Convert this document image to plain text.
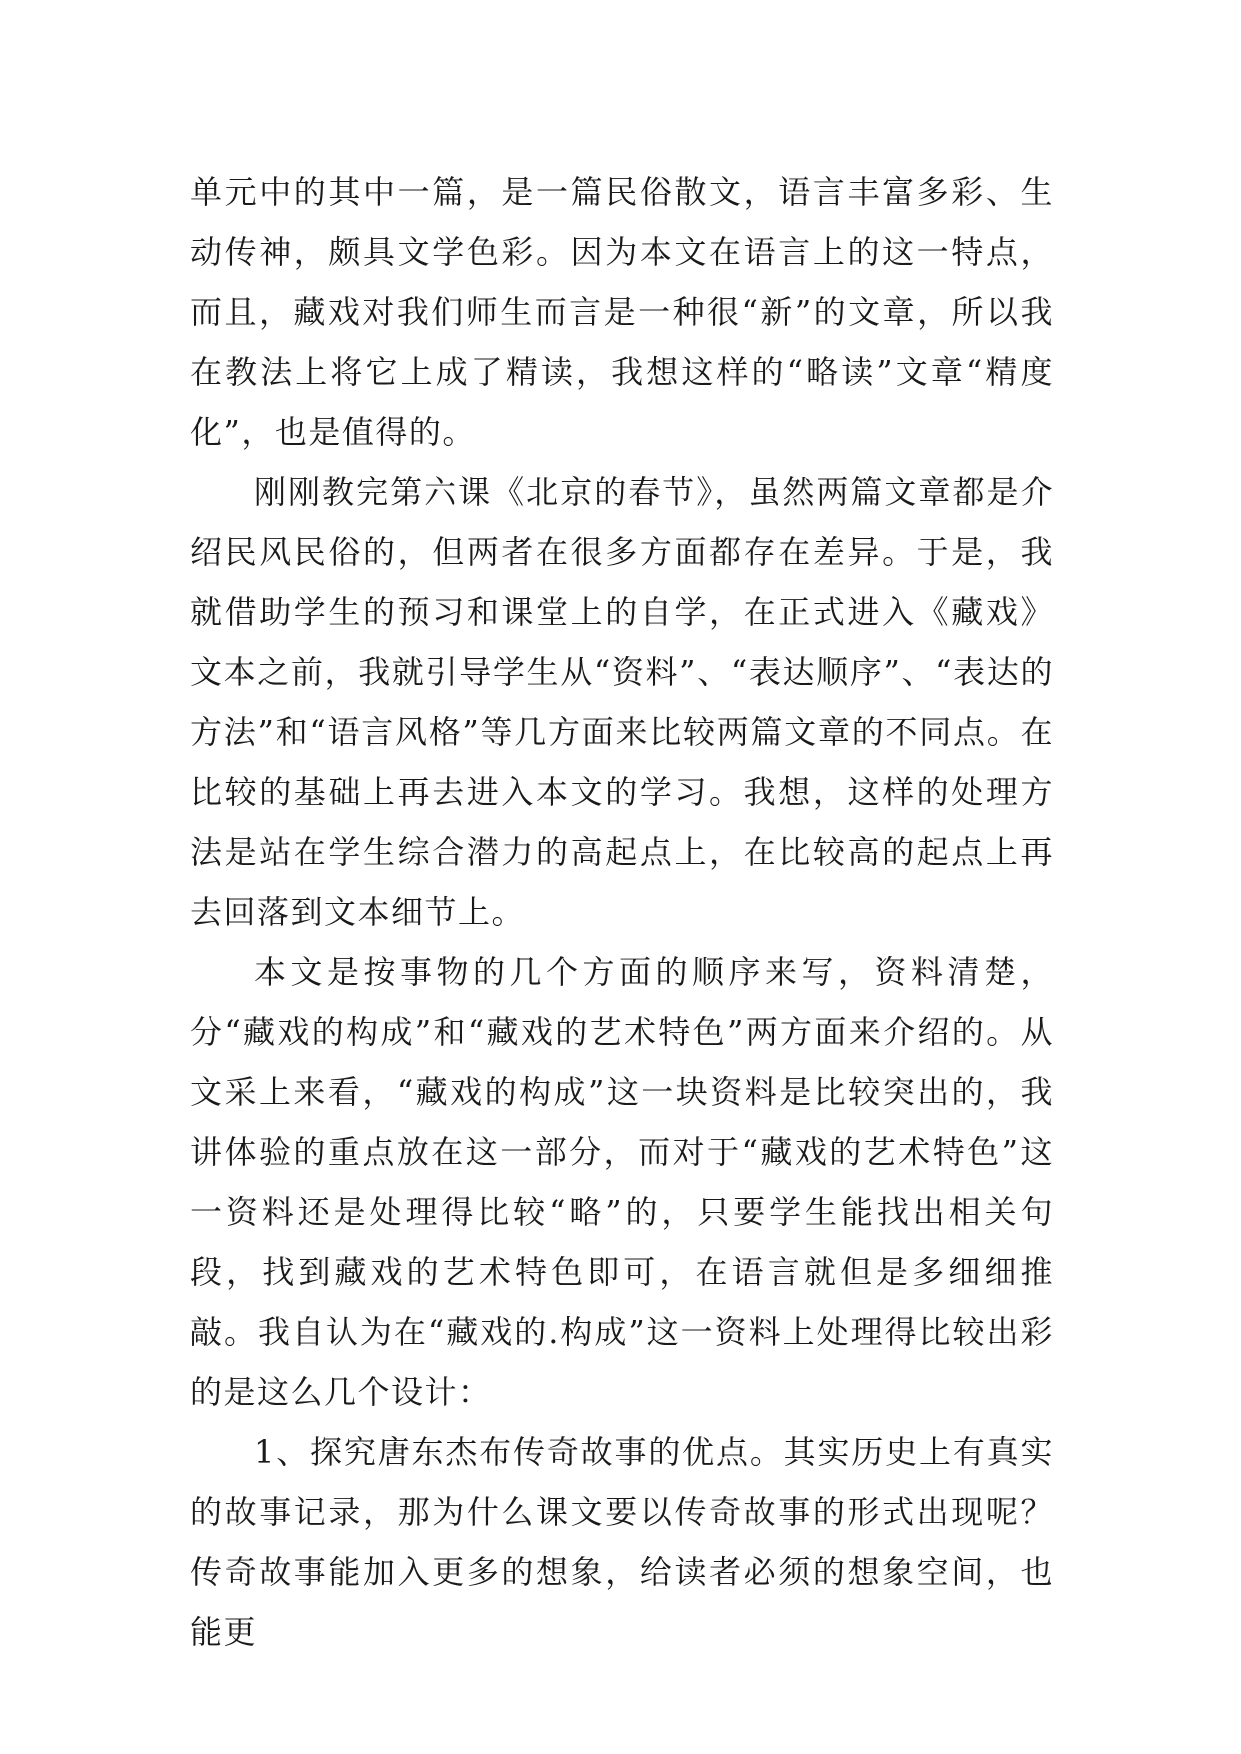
单元中的其中一篇，是一篇民俗散文，语言丰富多彩、生动传神，颇具文学色彩。因为本文在语言上的这一特点，而且，藏戏对我们师生而言是一种很“新”的文章，所以我在教法上将它上成了精读，我想这样的“略读”文章“精度化”，也是值得的。

刚刚教完第六课《北京的春节》，虽然两篇文章都是介绍民风民俗的，但两者在很多方面都存在差异。于是，我就借助学生的预习和课堂上的自学，在正式进入《藏戏》文本之前，我就引导学生从“资料”、“表达顺序”、“表达的方法”和“语言风格”等几方面来比较两篇文章的不同点。在比较的基础上再去进入本文的学习。我想，这样的处理方法是站在学生综合潜力的高起点上，在比较高的起点上再去回落到文本细节上。

本文是按事物的几个方面的顺序来写，资料清楚，分“藏戏的构成”和“藏戏的艺术特色”两方面来介绍的。从文采上来看，“藏戏的构成”这一块资料是比较突出的，我讲体验的重点放在这一部分，而对于“藏戏的艺术特色”这一资料还是处理得比较“略”的，只要学生能找出相关句段，找到藏戏的艺术特色即可，在语言就但是多细细推敲。我自认为在“藏戏的.构成”这一资料上处理得比较出彩的是这么几个设计：

1、探究唐东杰布传奇故事的优点。其实历史上有真实的故事记录，那为什么课文要以传奇故事的形式出现呢？传奇故事能加入更多的想象，给读者必须的想象空间，也能更
